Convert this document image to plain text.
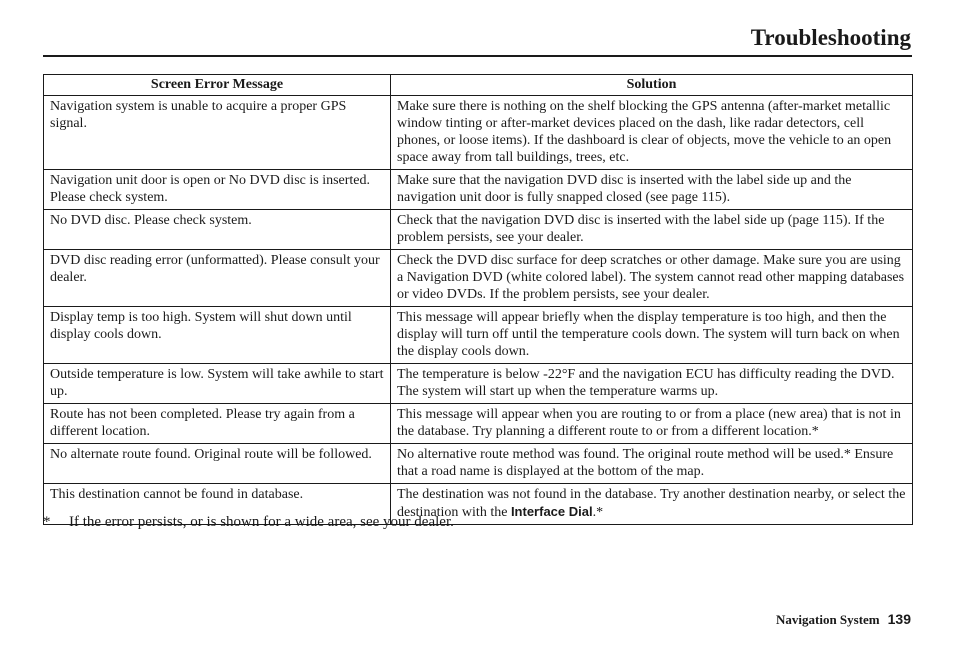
Troubleshooting
Screen Error Message	Solution
Navigation system is unable to acquire a proper GPS signal.	Make sure there is nothing on the shelf blocking the GPS antenna (after-market metallic window tinting or after-market devices placed on the dash, like radar detectors, cell phones, or loose items). If the dashboard is clear of objects, move the vehicle to an open space away from tall buildings, trees, etc.
Navigation unit door is open or No DVD disc is inserted. Please check system.	Make sure that the navigation DVD disc is inserted with the label side up and the navigation unit door is fully snapped closed (see page 115).
No DVD disc. Please check system.	Check that the navigation DVD disc is inserted with the label side up (page 115). If the problem persists, see your dealer.
DVD disc reading error (unformatted). Please consult your dealer.	Check the DVD disc surface for deep scratches or other damage. Make sure you are using a Navigation DVD (white colored label). The system cannot read other mapping databases or video DVDs. If the problem persists, see your dealer.
Display temp is too high. System will shut down until display cools down.	This message will appear briefly when the display temperature is too high, and then the display will turn off until the temperature cools down. The system will turn back on when the display cools down.
Outside temperature is low. System will take awhile to start up.	The temperature is below -22°F and the navigation ECU has difficulty reading the DVD. The system will start up when the temperature warms up.
Route has not been completed. Please try again from a different location.	This message will appear when you are routing to or from a place (new area) that is not in the database. Try planning a different route to or from a different location.*
No alternate route found. Original route will be followed.	No alternative route method was found. The original route method will be used.* Ensure that a road name is displayed at the bottom of the map.
This destination cannot be found in database.	The destination was not found in the database. Try another destination nearby, or select the destination with the Interface Dial.*
* If the error persists, or is shown for a wide area, see your dealer.
Navigation System 139
